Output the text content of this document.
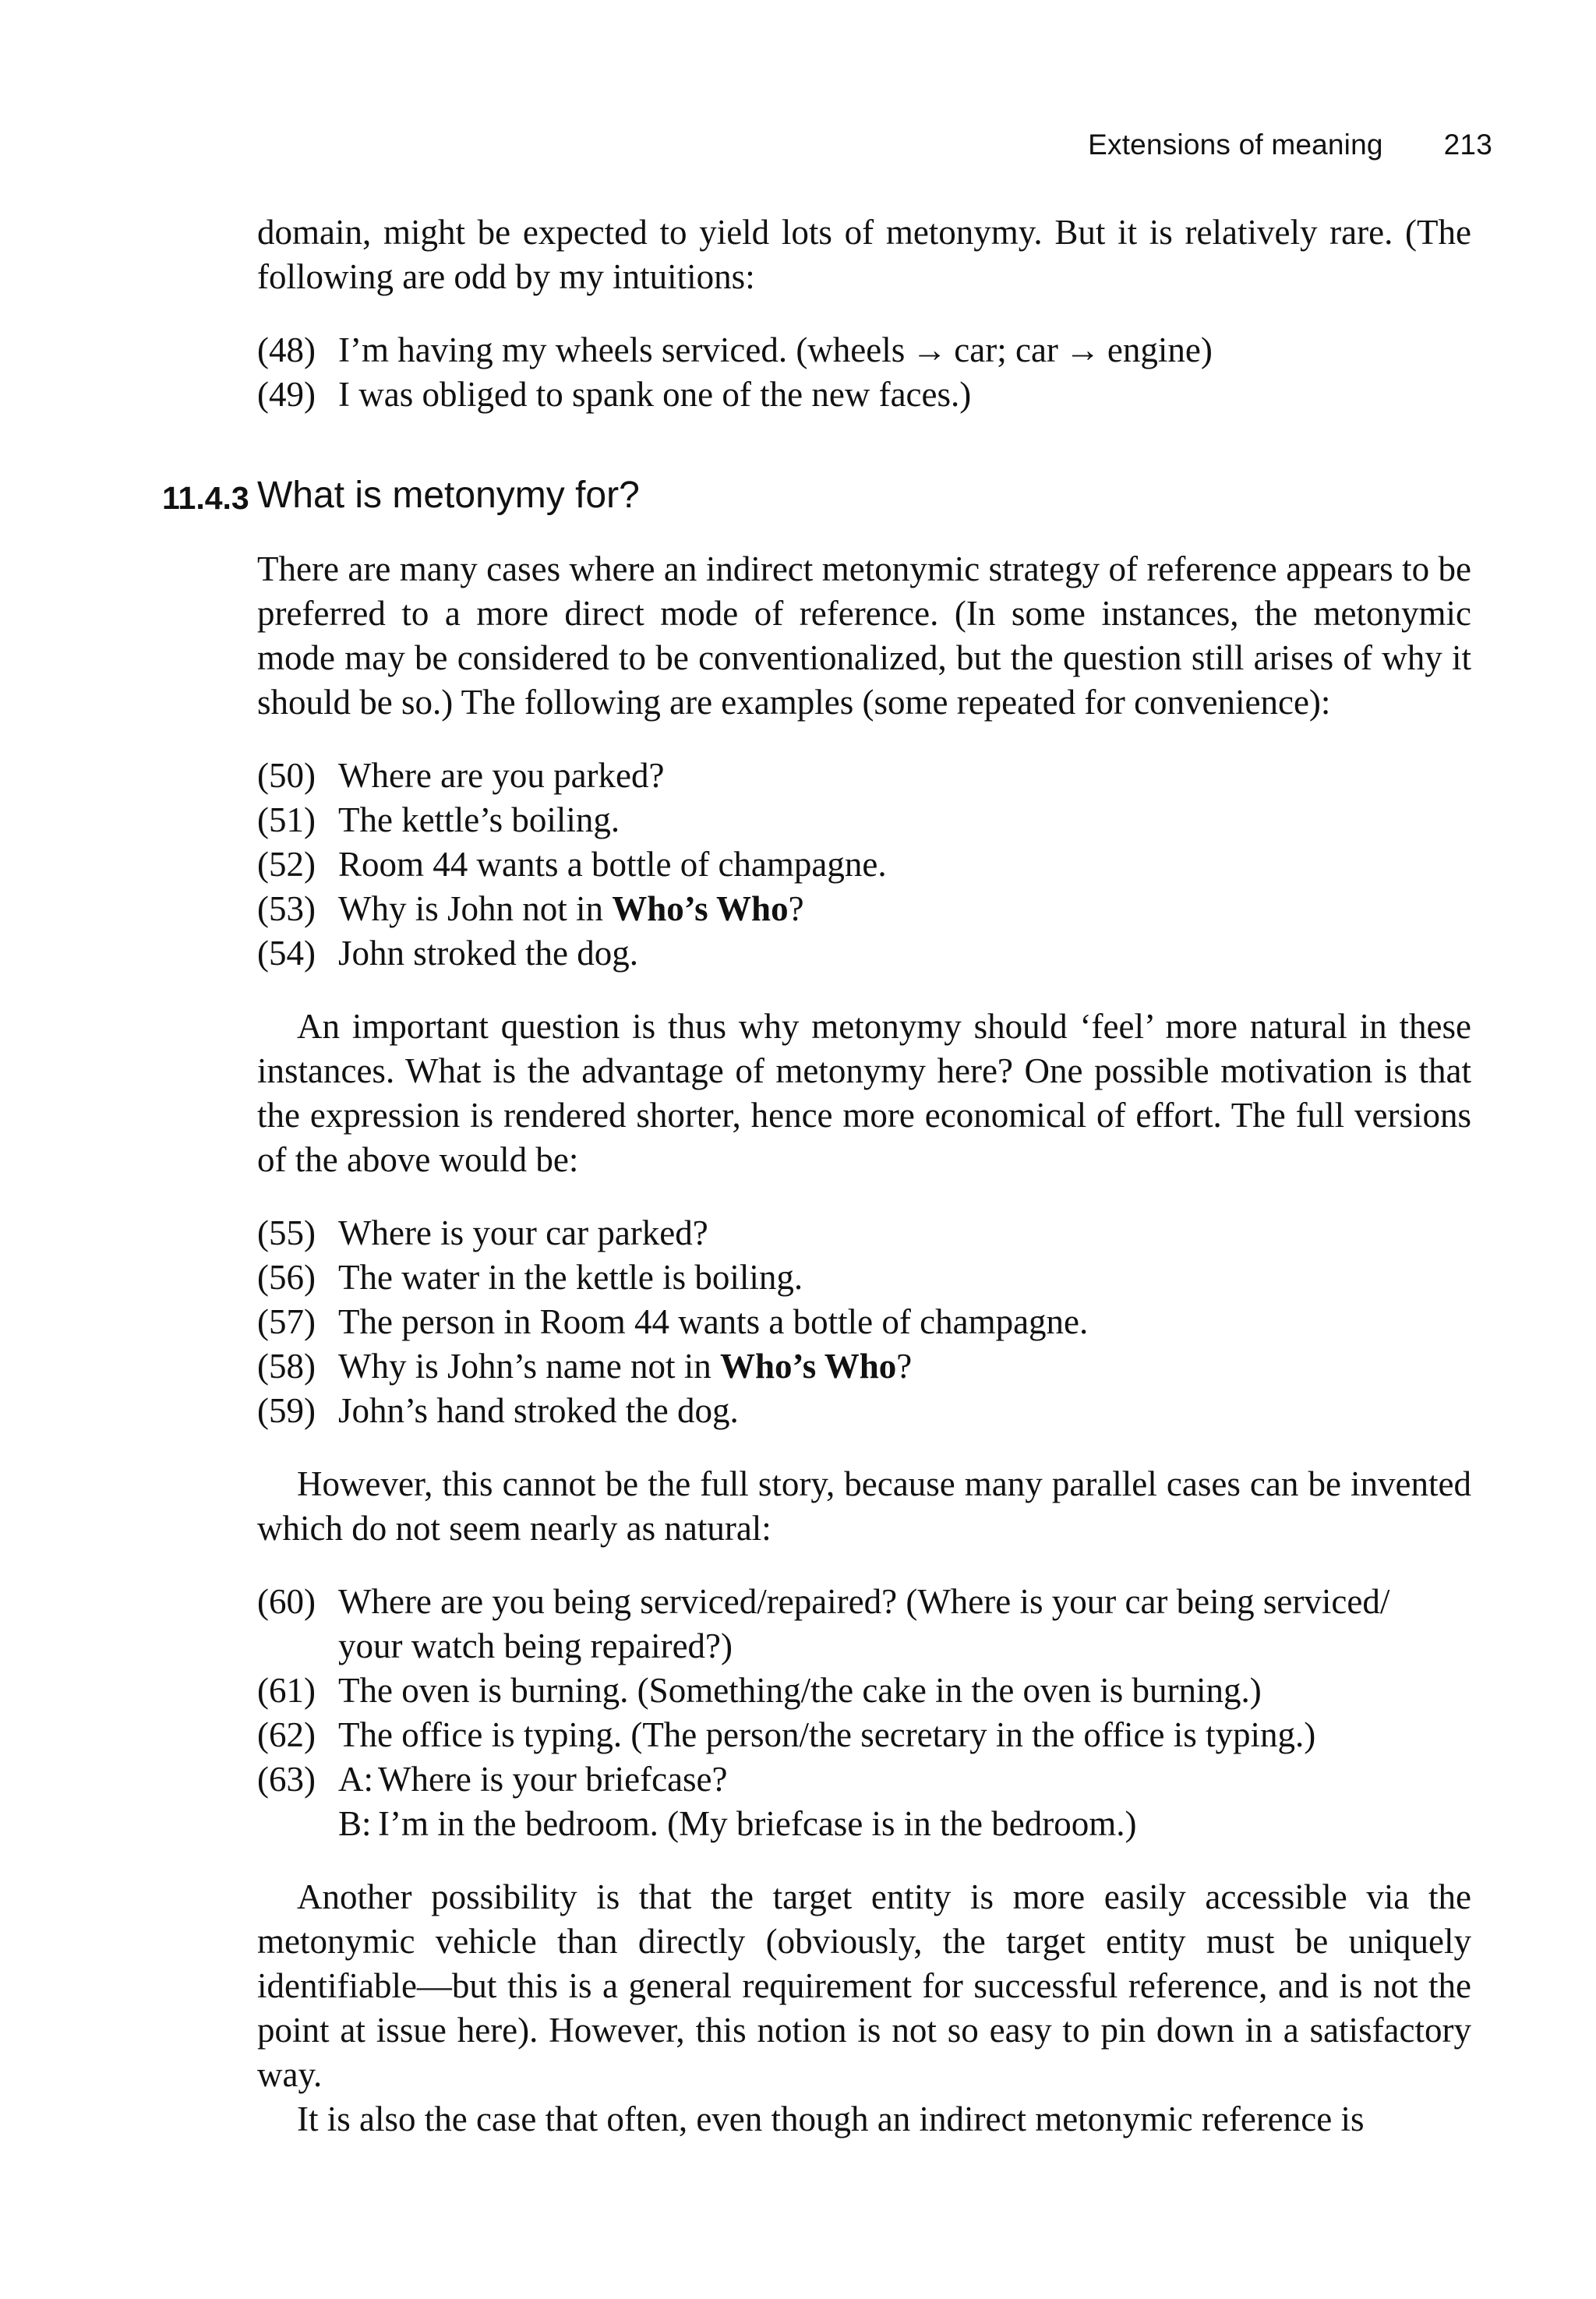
Extensions of meaning 213

domain, might be expected to yield lots of metonymy. But it is relatively rare. (The following are odd by my intuitions:

(48) I’m having my wheels serviced. (wheels → car; car → engine)
(49) I was obliged to spank one of the new faces.)
11.4.3 What is metonymy for?

There are many cases where an indirect metonymic strategy of reference appears to be preferred to a more direct mode of reference. (In some instances, the metonymic mode may be considered to be conventionalized, but the question still arises of why it should be so.) The following are examples (some repeated for convenience):

(50) Where are you parked?
(51) The kettle’s boiling.
(52) Room 44 wants a bottle of champagne.
(53) Why is John not in Who’s Who?
(54) John stroked the dog.

An important question is thus why metonymy should ‘feel’ more natural in these instances. What is the advantage of metonymy here? One possible motivation is that the expression is rendered shorter, hence more economical of effort. The full versions of the above would be:

(55) Where is your car parked?
(56) The water in the kettle is boiling.
(57) The person in Room 44 wants a bottle of champagne.
(58) Why is John’s name not in Who’s Who?
(59) John’s hand stroked the dog.

However, this cannot be the full story, because many parallel cases can be invented which do not seem nearly as natural:

(60) Where are you being serviced/repaired? (Where is your car being serviced/
your watch being repaired?)
(61) The oven is burning. (Something/the cake in the oven is burning.)
(62) The office is typing. (The person/the secretary in the office is typing.)
(63) A: Where is your briefcase?
B: I’m in the bedroom. (My briefcase is in the bedroom.)

Another possibility is that the target entity is more easily accessible via the metonymic vehicle than directly (obviously, the target entity must be uniquely identifiable—but this is a general requirement for successful reference, and is not the point at issue here). However, this notion is not so easy to pin down in a satisfactory way.

It is also the case that often, even though an indirect metonymic reference is
